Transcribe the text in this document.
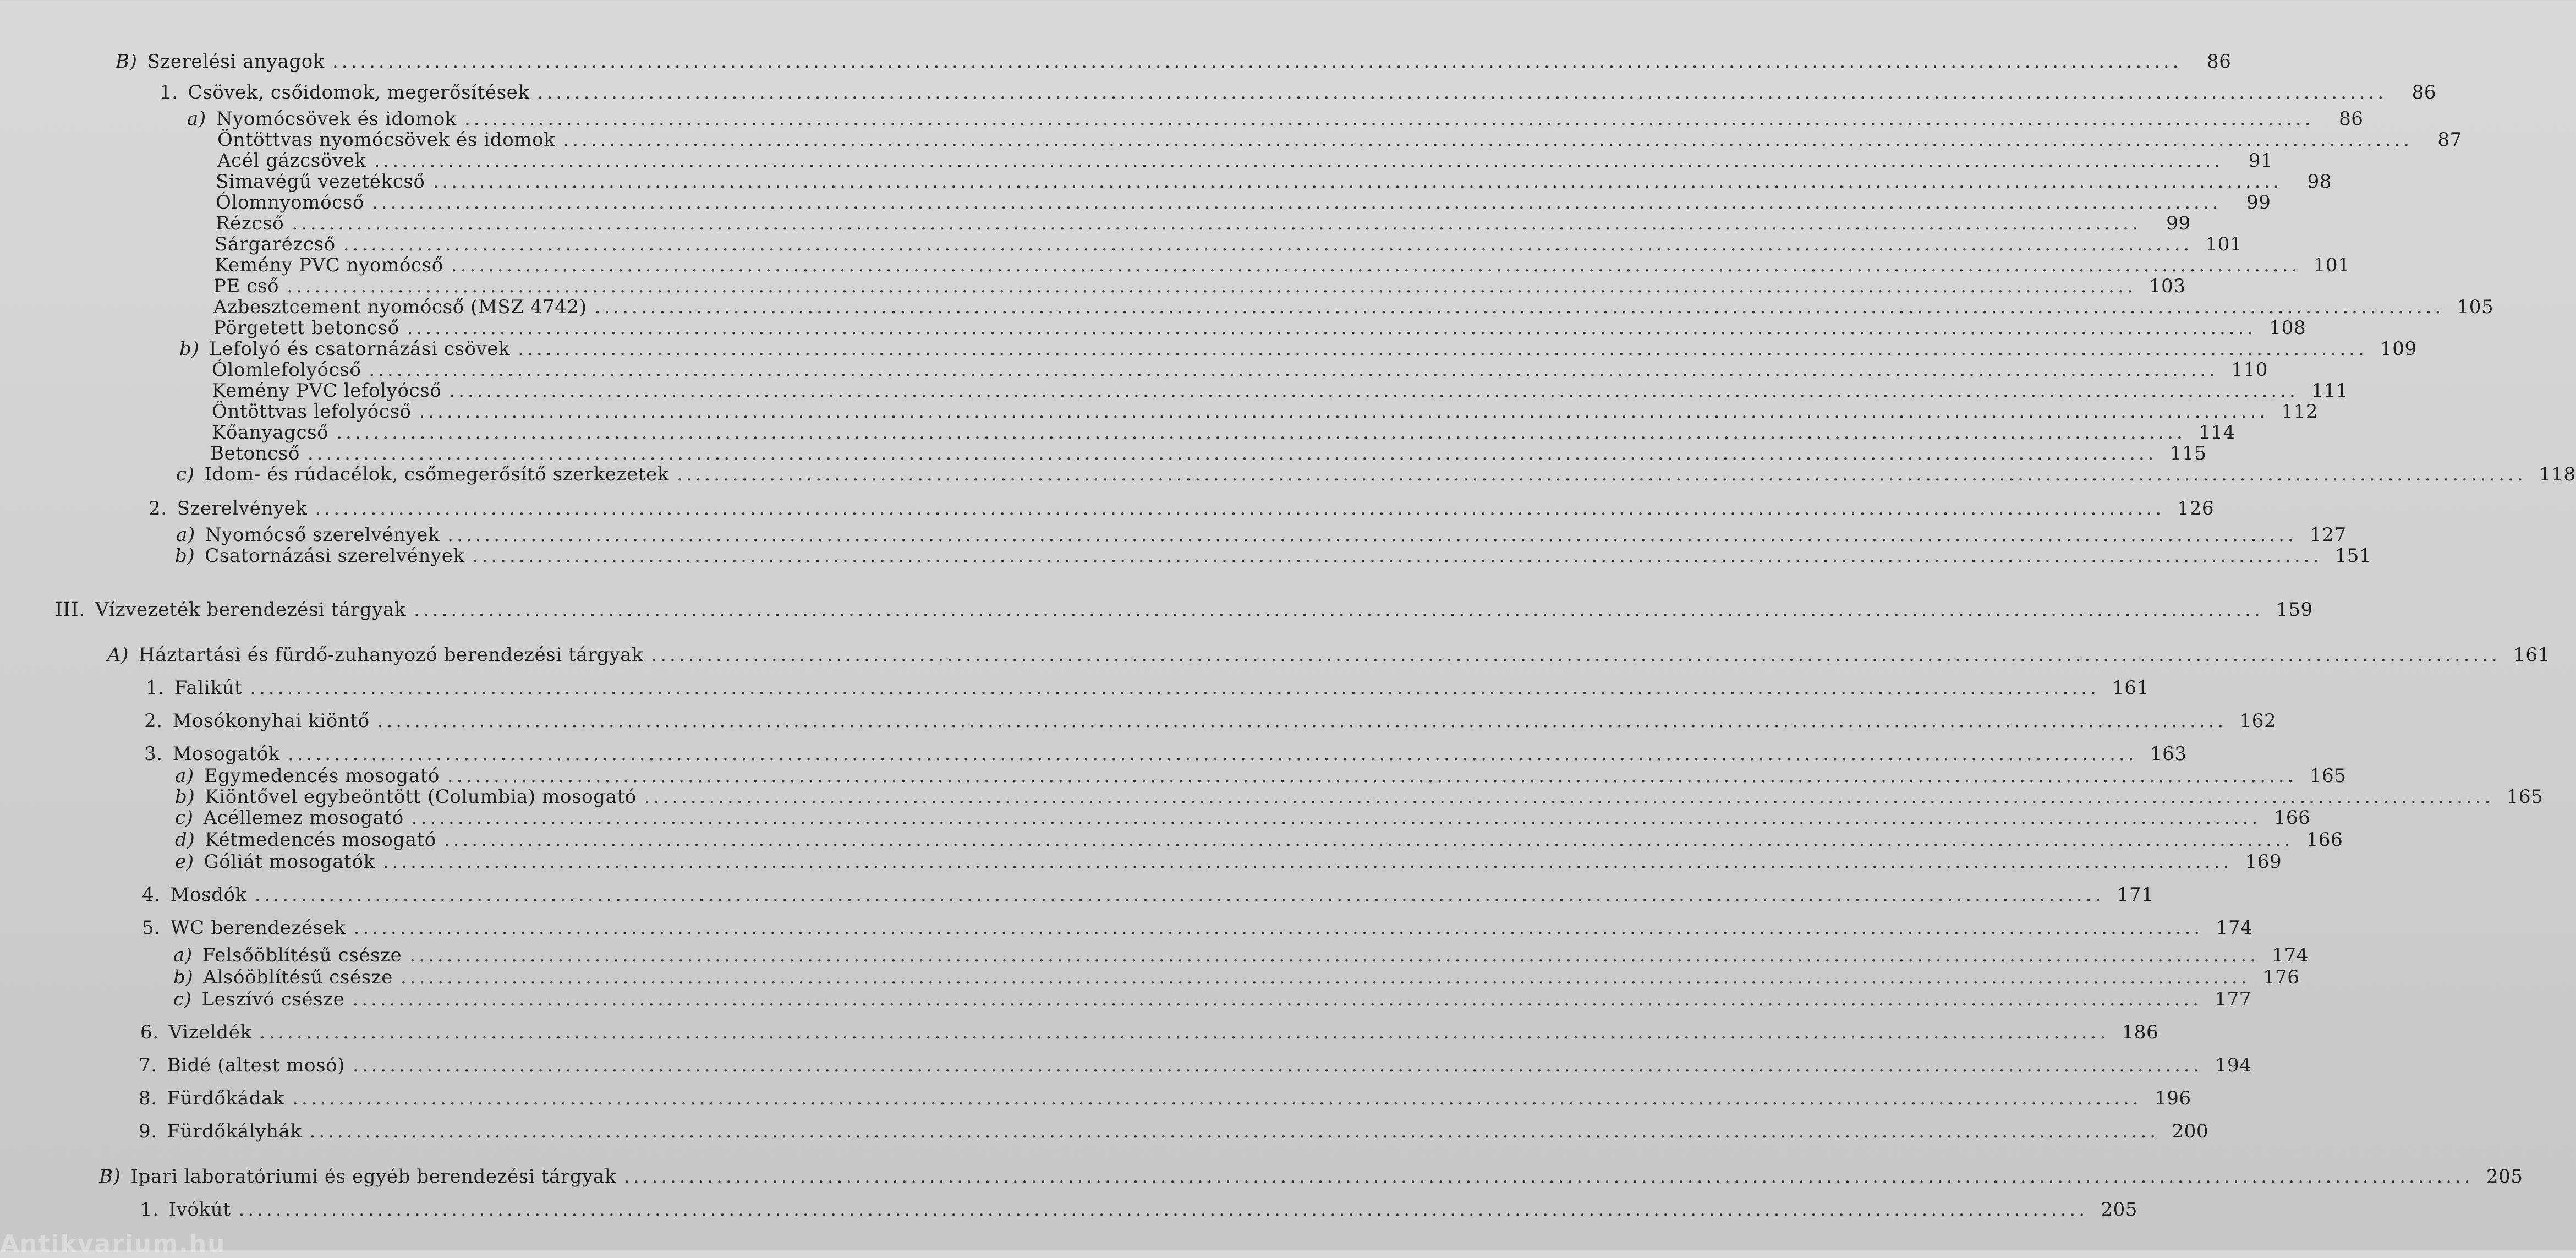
B) Szerelési anyagok ........................................................................................................................................................................................................	86
1. Csövek, csőidomok, megerősítések ........................................................................................................................................................................................................	86
a) Nyomócsövek és idomok ........................................................................................................................................................................................................	86
Öntöttvas nyomócsövek és idomok ........................................................................................................................................................................................................	87
Acél gázcsövek ........................................................................................................................................................................................................	91
Simavégű vezetékcső ........................................................................................................................................................................................................	98
Ólomnyomócső ........................................................................................................................................................................................................	99
Rézcső ........................................................................................................................................................................................................	99
Sárgarézcső ........................................................................................................................................................................................................ 101
Kemény PVC nyomócső ........................................................................................................................................................................................................ 101
PE cső ........................................................................................................................................................................................................ 103
Azbesztcement nyomócső (MSZ 4742) ........................................................................................................................................................................................................ 105
Pörgetett betoncső ........................................................................................................................................................................................................ 108
b) Lefolyó és csatornázási csövek ........................................................................................................................................................................................................ 109
Ólomlefolyócső ........................................................................................................................................................................................................ 110
Kemény PVC lefolyócső ........................................................................................................................................................................................................ 111
Öntöttvas lefolyócső ........................................................................................................................................................................................................ 112
Kőanyagcső ........................................................................................................................................................................................................ 114
Betoncső ........................................................................................................................................................................................................ 115
c) Idom- és rúdacélok, csőmegerősítő szerkezetek ........................................................................................................................................................................................................ 118
2. Szerelvények ........................................................................................................................................................................................................ 126
a) Nyomócső szerelvények ........................................................................................................................................................................................................ 127
b) Csatornázási szerelvények ........................................................................................................................................................................................................ 151
III. Vízvezeték berendezési tárgyak ........................................................................................................................................................................................................ 159
A) Háztartási és fürdő-zuhanyozó berendezési tárgyak ........................................................................................................................................................................................................ 161
1. Falikút ........................................................................................................................................................................................................ 161
2. Mosókonyhai kiöntő ........................................................................................................................................................................................................ 162
3. Mosogatók ........................................................................................................................................................................................................ 163
a) Egymedencés mosogató ........................................................................................................................................................................................................ 165
b) Kiöntővel egybeöntött (Columbia) mosogató ........................................................................................................................................................................................................ 165
c) Acéllemez mosogató ........................................................................................................................................................................................................ 166
d) Kétmedencés mosogató ........................................................................................................................................................................................................ 166
e) Góliát mosogatók ........................................................................................................................................................................................................ 169
4. Mosdók ........................................................................................................................................................................................................ 171
5. WC berendezések ........................................................................................................................................................................................................ 174
a) Felsőöblítésű csésze ........................................................................................................................................................................................................ 174
b) Alsóöblítésű csésze ........................................................................................................................................................................................................ 176
c) Leszívó csésze ........................................................................................................................................................................................................ 177
6. Vizeldék ........................................................................................................................................................................................................ 186
7. Bidé (altest mosó) ........................................................................................................................................................................................................ 194
8. Fürdőkádak ........................................................................................................................................................................................................ 196
9. Fürdőkályhák ........................................................................................................................................................................................................ 200
B) Ipari laboratóriumi és egyéb berendezési tárgyak ........................................................................................................................................................................................................ 205
1. Ivókút ........................................................................................................................................................................................................ 205
Antikvarium.hu
